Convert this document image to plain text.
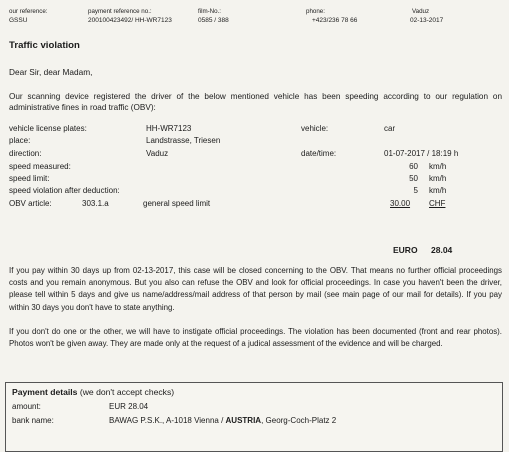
our reference:	payment reference no.:	film-No.:	phone:	Vaduz
GSSU	200100423492/ HH-WR7123	0585 / 388	+423/236 78 66	02-13-2017
Traffic violation
Dear Sir, dear Madam,
Our scanning device registered the driver of the below mentioned vehicle has been speeding according to our regulation on administrative fines in road traffic (OBV):
vehicle license plates:	HH-WR7123	vehicle:	car
place:	Landstrasse, Triesen
direction:	Vaduz	date/time:	01-07-2017 / 18:19 h
speed measured:	60 km/h
speed limit:	50 km/h
speed violation after deduction:	5 km/h
OBV article:	303.1.a	general speed limit	30.00 CHF
EURO 28.04
If you pay within 30 days up from 02-13-2017, this case will be closed concerning to the OBV. That means no further official proceedings costs and you remain anonymous. But you also can refuse the OBV and look for official proceedings. In case you haven't been the driver, please tell within 5 days and give us name/address/mail address of that person by mail (see main page of our mail for details). If you pay within 30 days you don't have to state anything.
If you don't do one or the other, we will have to instigate official proceedings. The violation has been documented (front and rear photos). Photos won't be given away. They are made only at the request of a judical assessment of the evidence and will be charged.
Payment details (we don't accept checks)
amount:	EUR 28.04
bank name:	BAWAG P.S.K., A-1018 Vienna / AUSTRIA, Georg-Coch-Platz 2
